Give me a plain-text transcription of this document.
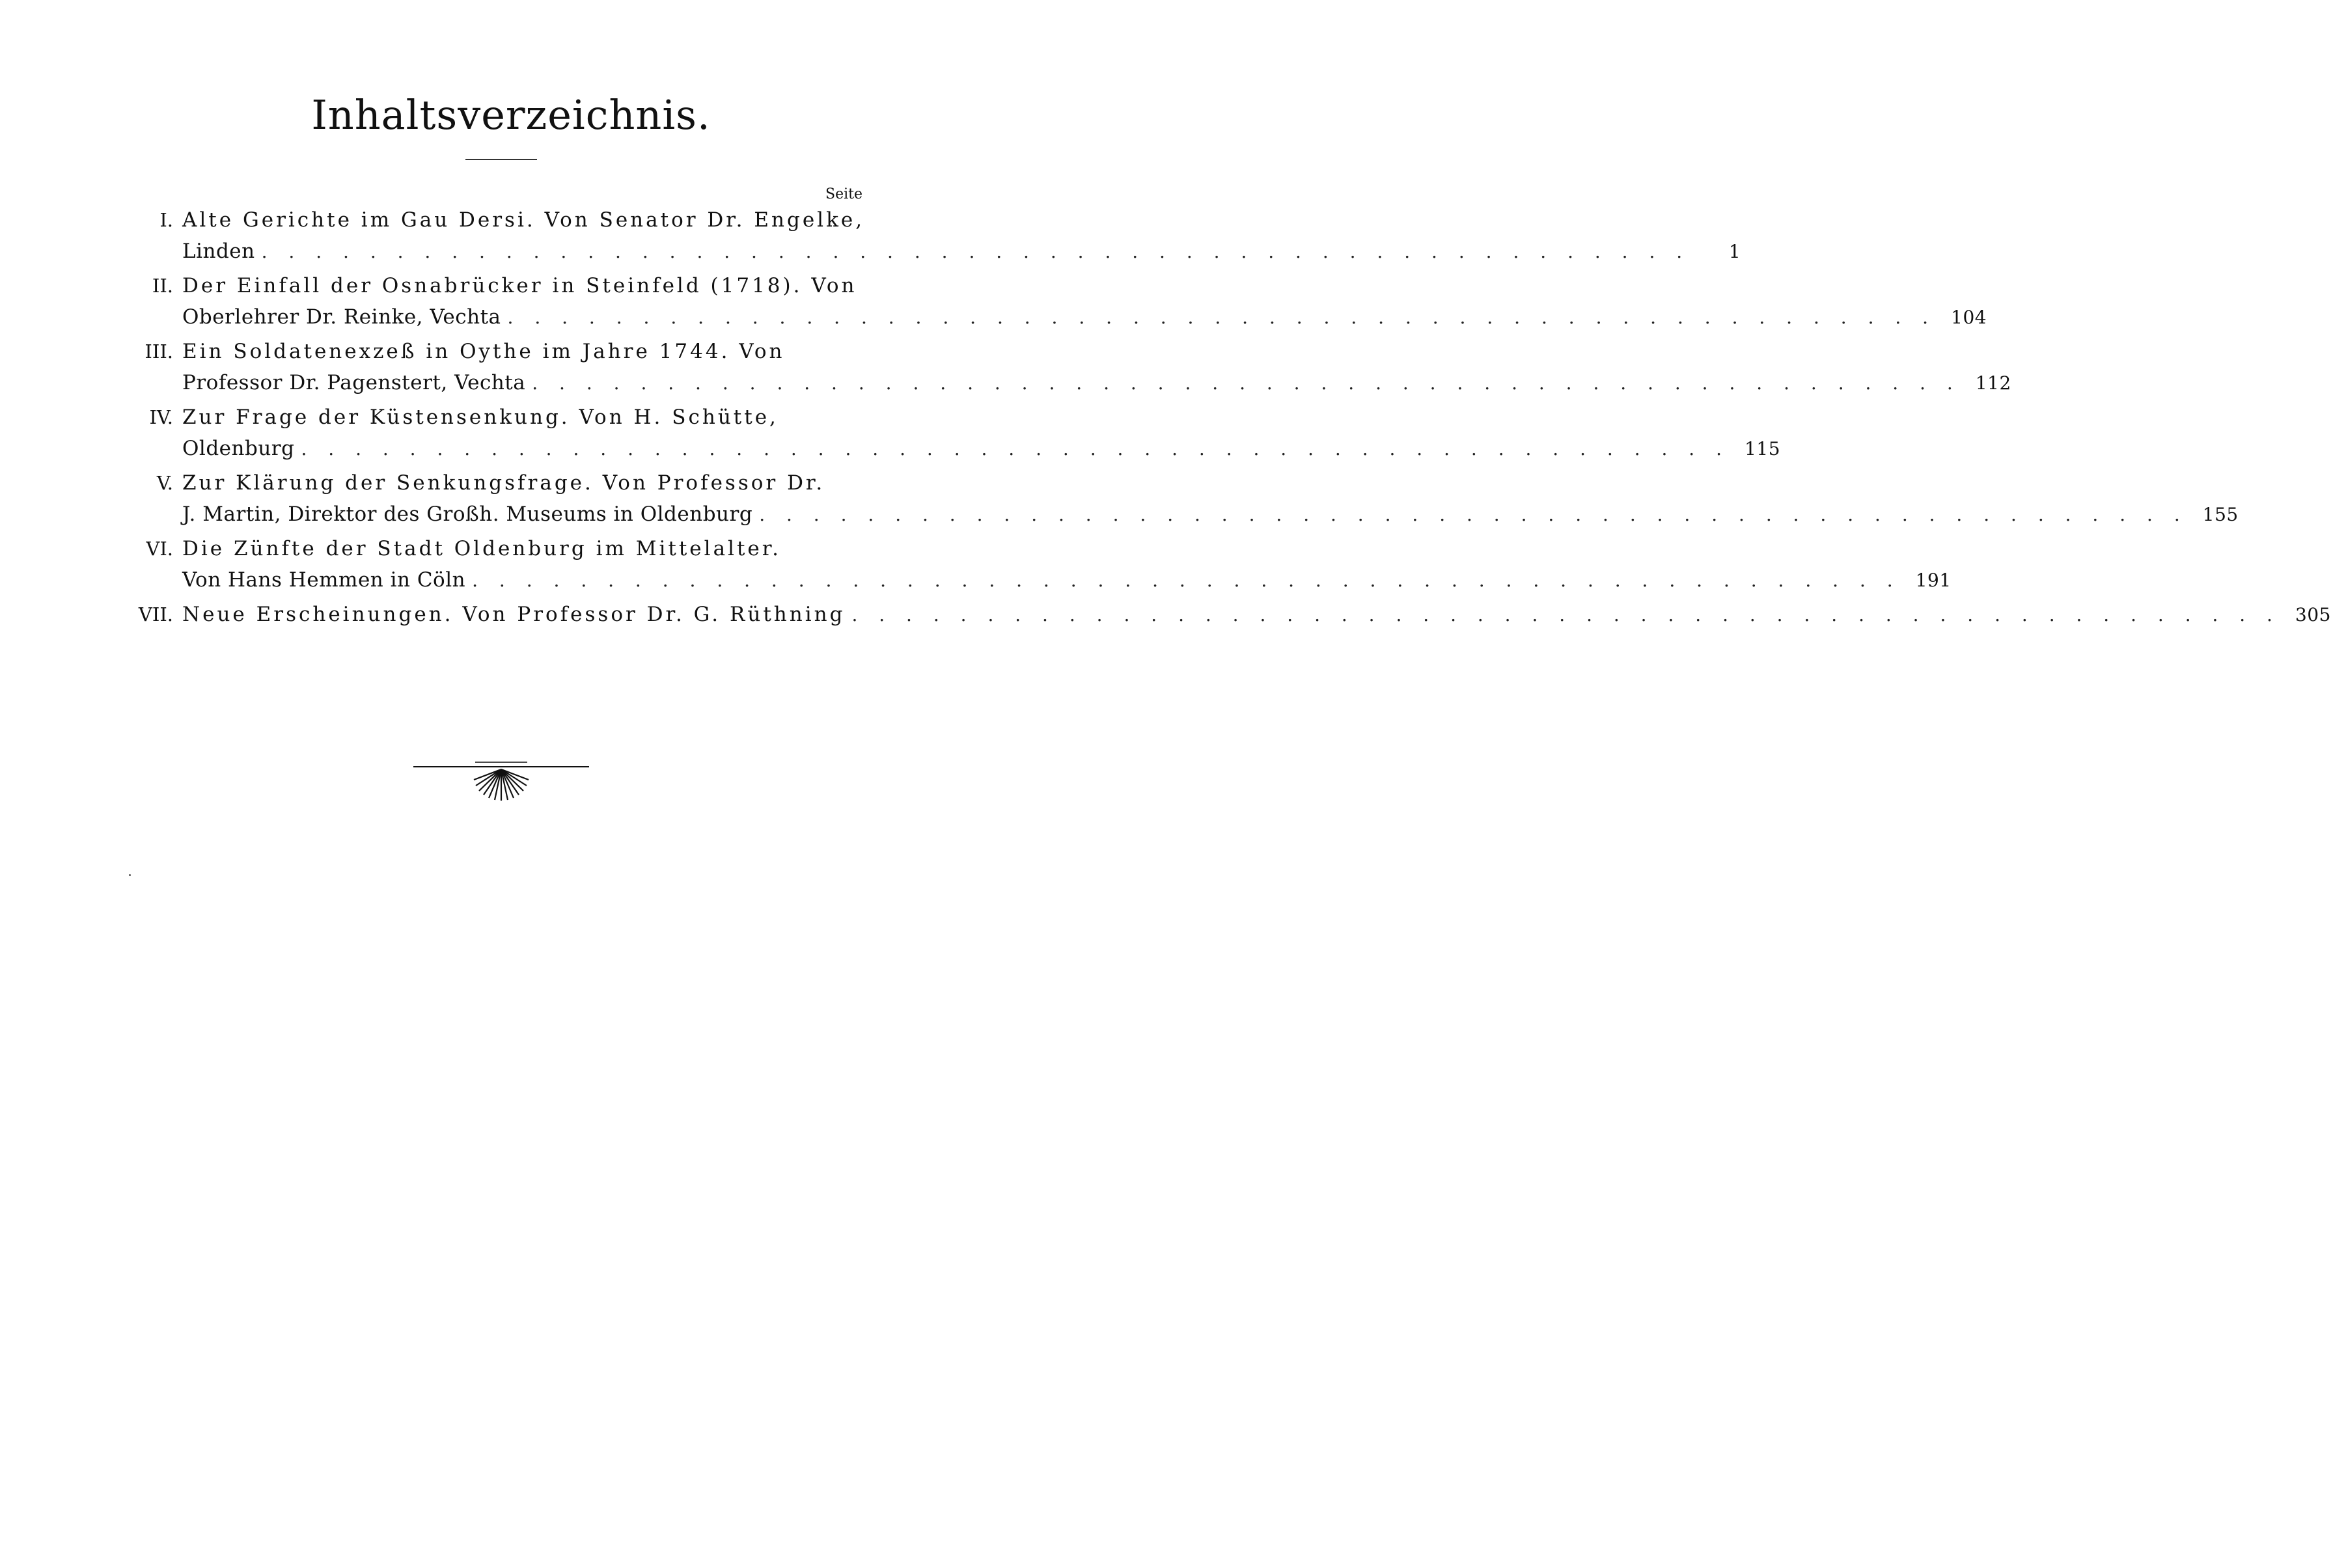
Inhaltsverzeichnis.
Seite
I. Alte Gerichte im Gau Dersi. Von Senator Dr. Engelke,
Linden . . .	1
II. Der Einfall der Osnabrücker in Steinfeld (1718). Von
Oberlehrer Dr. Reinke, Vechta . . .	104
III. Ein Soldatenexzeß in Oythe im Jahre 1744. Von
Professor Dr. Pagenstert, Vechta . . .	112
IV. Zur Frage der Küstensenkung. Von H. Schütte,
Oldenburg . . .	115
V. Zur Klärung der Senkungsfrage. Von Professor Dr.
J. Martin, Direktor des Großh. Museums in Oldenburg . . .	155
VI. Die Zünfte der Stadt Oldenburg im Mittelalter.
Von Hans Hemmen in Cöln . . .	191
VII. Neue Erscheinungen. Von Professor Dr. G. Rüthning . . .	305
